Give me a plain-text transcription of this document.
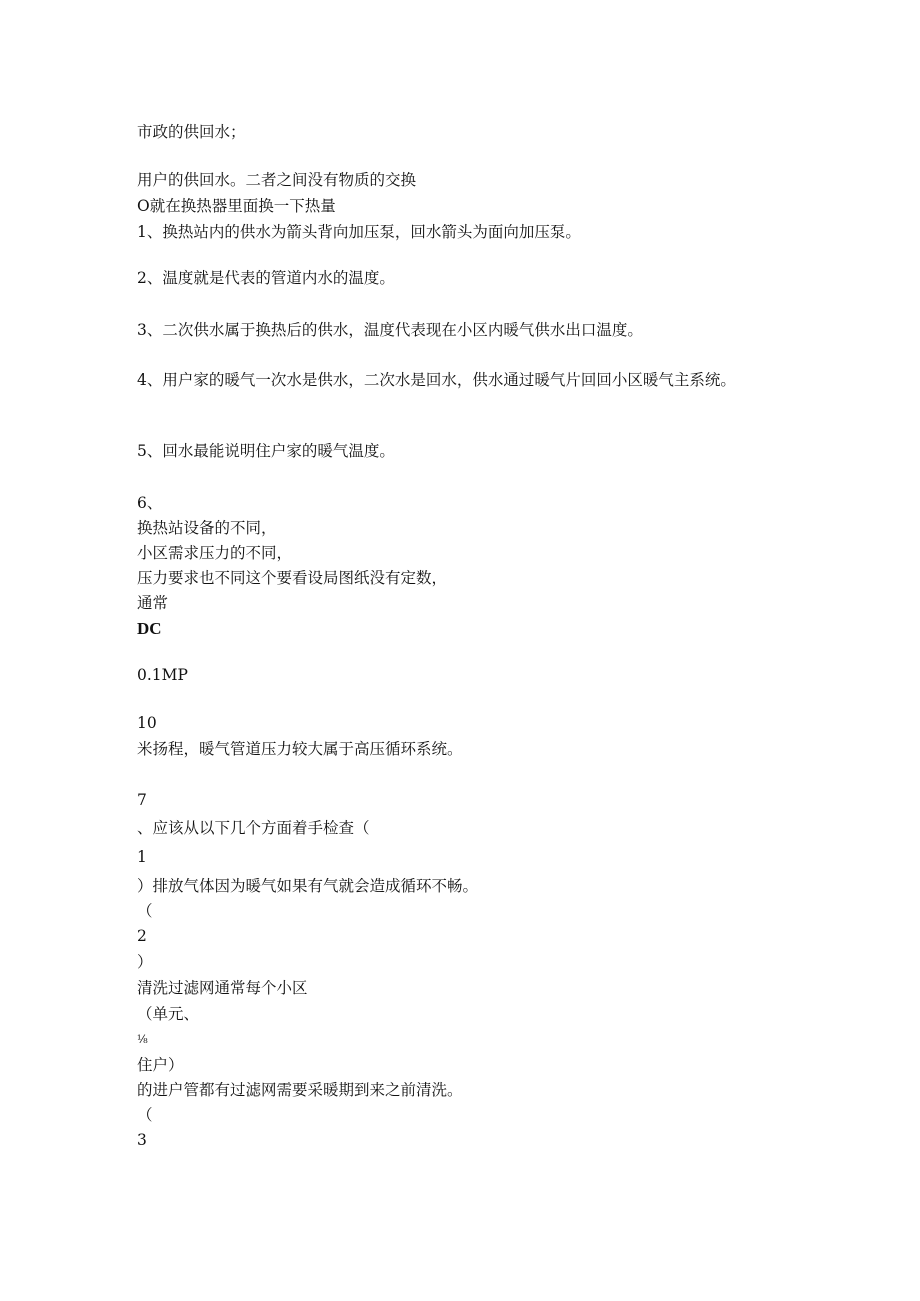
市政的供回水；

用户的供回水。二者之间没有物质的交换

O就在换热器里面换一下热量

1、换热站内的供水为箭头背向加压泵，回水箭头为面向加压泵。

2、温度就是代表的管道内水的温度。

3、二次供水属于换热后的供水，温度代表现在小区内暖气供水出口温度。

4、用户家的暖气一次水是供水，二次水是回水，供水通过暖气片回回小区暖气主系统。

5、回水最能说明住户家的暖气温度。

6、

换热站设备的不同，

小区需求压力的不同，

压力要求也不同这个要看设局图纸没有定数，

通常

DC

0.1MP

10

米扬程，暖气管道压力较大属于高压循环系统。

7

、应该从以下几个方面着手检查（

1

）排放气体因为暖气如果有气就会造成循环不畅。

（

2

）

清洗过滤网通常每个小区

（单元、

⅛

住户）

的进户管都有过滤网需要采暖期到来之前清洗。

（

3
